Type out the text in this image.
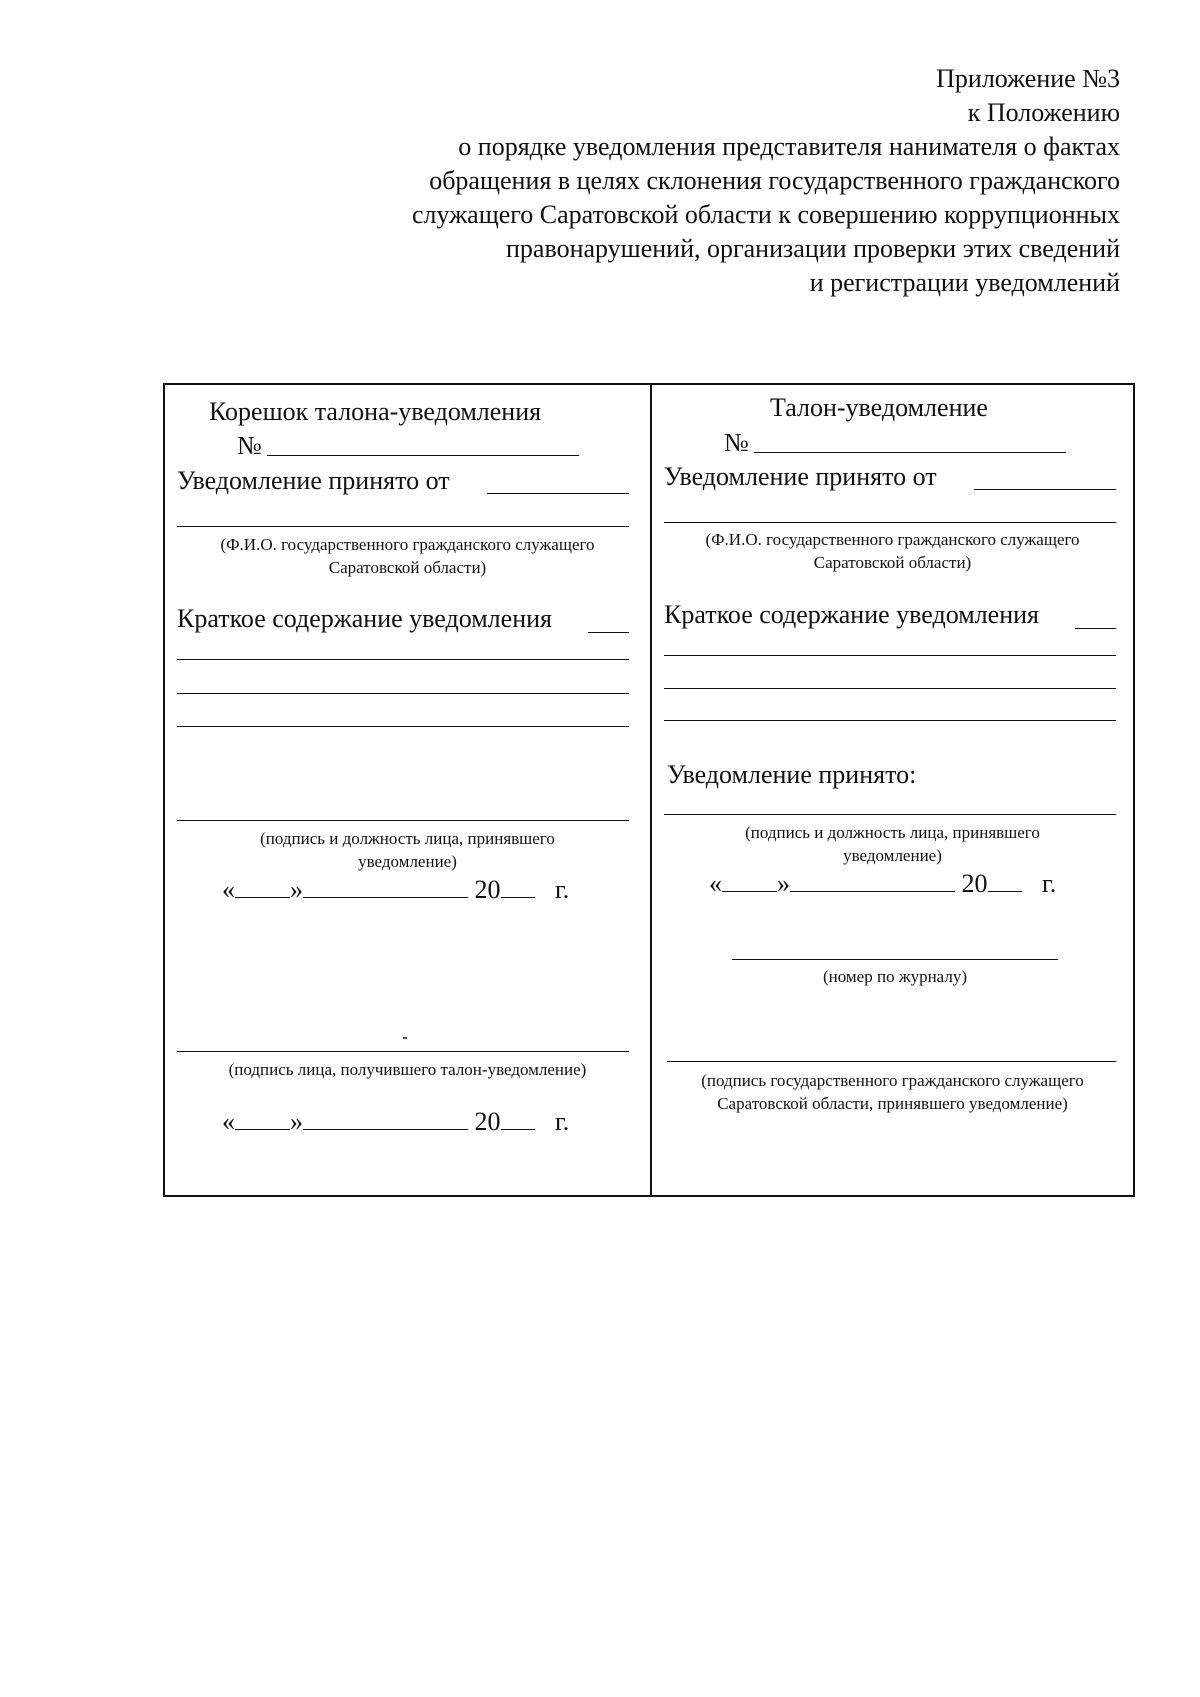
Приложение №3
к Положению
о порядке уведомления представителя нанимателя о фактах
обращения в целях склонения государственного гражданского
служащего Саратовской области к совершению коррупционных
правонарушений, организации проверки этих сведений
и регистрации уведомлений
Корешок талона-уведомления
№
Уведомление принято от
(Ф.И.О. государственного гражданского служащего
Саратовской области)
Краткое содержание уведомления
(подпись и должность лица, принявшего
уведомление)
« »	20 г.
(подпись лица, получившего талон-уведомление)
« »	20 г.
Талон-уведомление
№
Уведомление принято от
(Ф.И.О. государственного гражданского служащего
Саратовской области)
Краткое содержание уведомления
Уведомление принято:
(подпись и должность лица, принявшего
уведомление)
« »	20 г.
(номер по журналу)
(подпись государственного гражданского служащего
Саратовской области, принявшего уведомление)
